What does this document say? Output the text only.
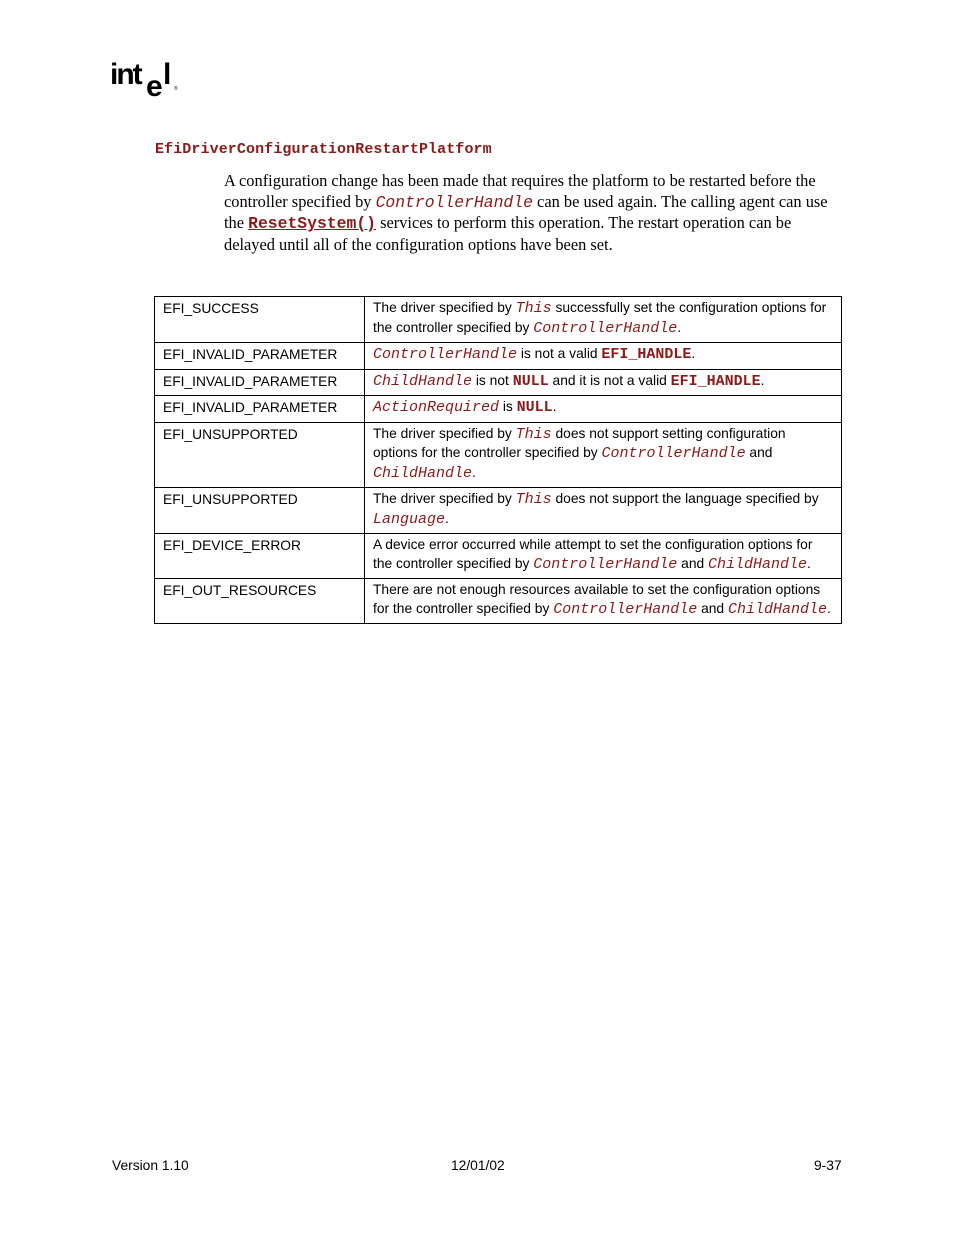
int e l ®
EfiDriverConfigurationRestartPlatform

A configuration change has been made that requires the platform to be restarted before the controller specified by ControllerHandle can be used again. The calling agent can use the ResetSystem() services to perform this operation. The restart operation can be delayed until all of the configuration options have been set.

EFI_SUCCESS	The driver specified by This successfully set the configuration options for the controller specified by ControllerHandle.
EFI_INVALID_PARAMETER	ControllerHandle is not a valid EFI_HANDLE.
EFI_INVALID_PARAMETER	ChildHandle is not NULL and it is not a valid EFI_HANDLE.
EFI_INVALID_PARAMETER	ActionRequired is NULL.
EFI_UNSUPPORTED	The driver specified by This does not support setting configuration options for the controller specified by ControllerHandle and ChildHandle.
EFI_UNSUPPORTED	The driver specified by This does not support the language specified by Language.
EFI_DEVICE_ERROR	A device error occurred while attempt to set the configuration options for the controller specified by ControllerHandle and ChildHandle.
EFI_OUT_RESOURCES	There are not enough resources available to set the configuration options for the controller specified by ControllerHandle and ChildHandle.
Version 1.10	12/01/02	9-37
